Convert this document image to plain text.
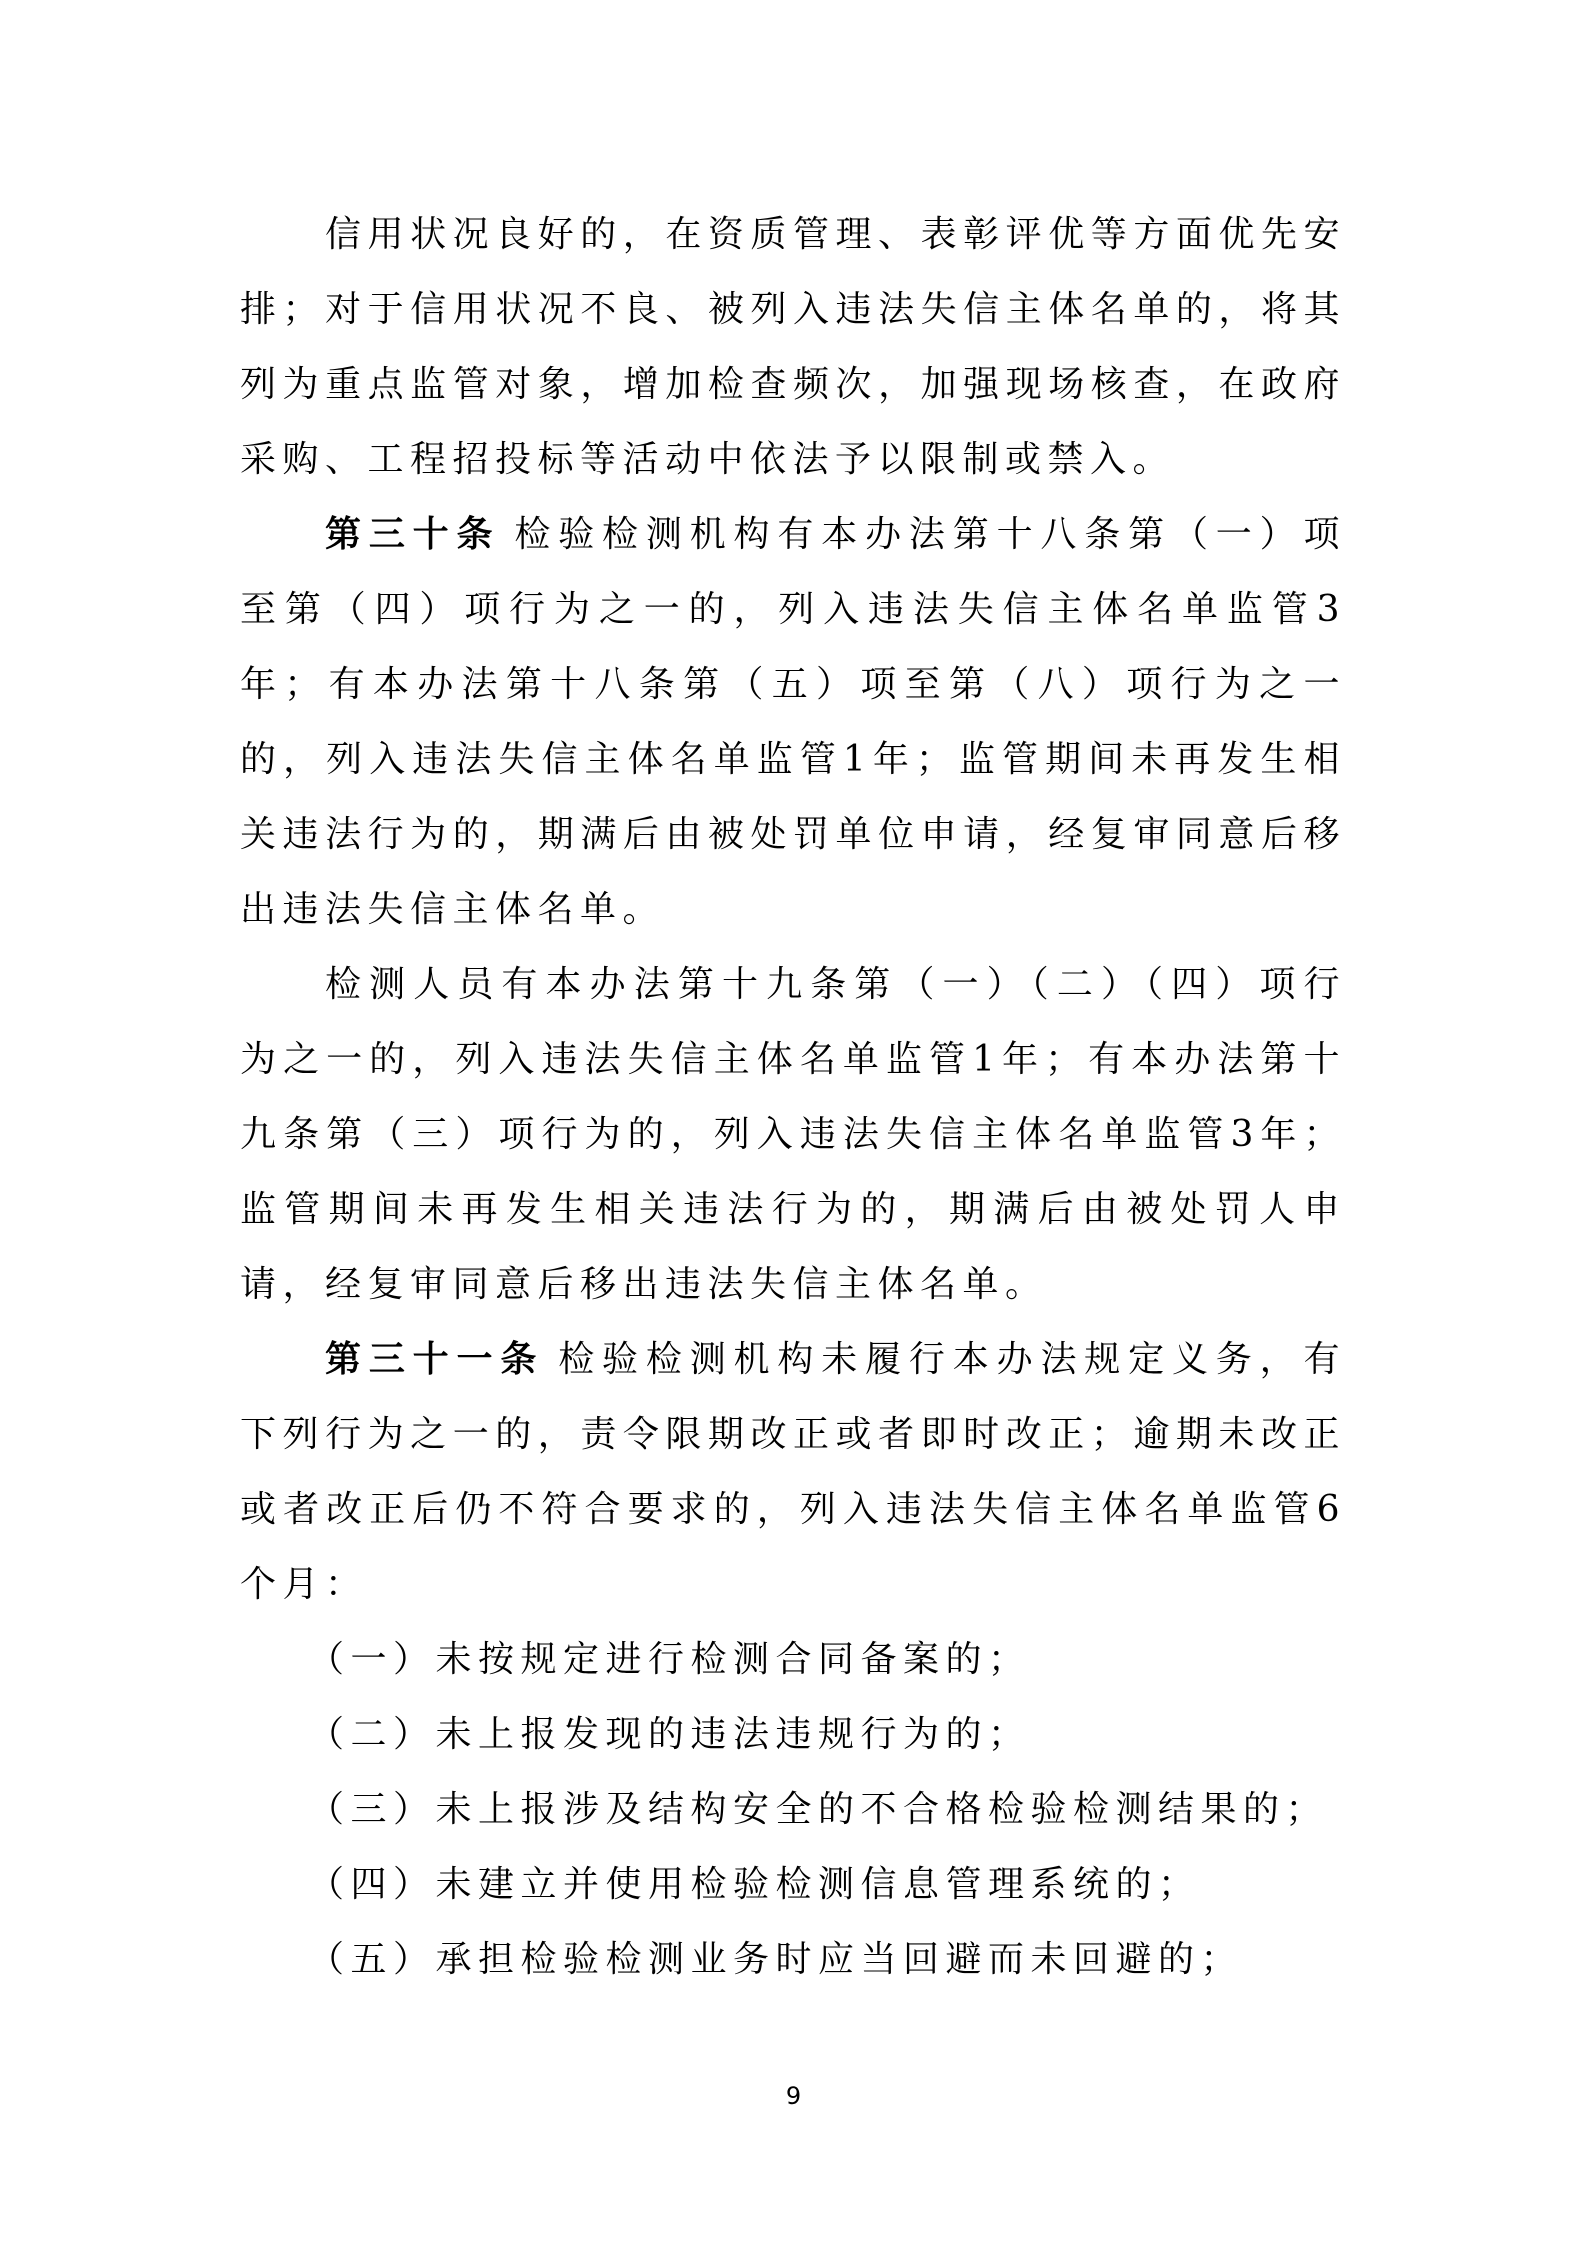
信用状况良好的，在资质管理、表彰评优等方面优先安排；对于信用状况不良、被列入违法失信主体名单的，将其列为重点监管对象，增加检查频次，加强现场核查，在政府采购、工程招投标等活动中依法予以限制或禁入。

第三十条 检验检测机构有本办法第十八条第（一）项至第（四）项行为之一的，列入违法失信主体名单监管3年；有本办法第十八条第（五）项至第（八）项行为之一的，列入违法失信主体名单监管1年；监管期间未再发生相关违法行为的，期满后由被处罚单位申请，经复审同意后移出违法失信主体名单。

检测人员有本办法第十九条第（一）（二）（四）项行为之一的，列入违法失信主体名单监管1年；有本办法第十九条第（三）项行为的，列入违法失信主体名单监管3年；监管期间未再发生相关违法行为的，期满后由被处罚人申请，经复审同意后移出违法失信主体名单。

第三十一条 检验检测机构未履行本办法规定义务，有下列行为之一的，责令限期改正或者即时改正；逾期未改正或者改正后仍不符合要求的，列入违法失信主体名单监管6个月：

（一）未按规定进行检测合同备案的；

（二）未上报发现的违法违规行为的；

（三）未上报涉及结构安全的不合格检验检测结果的；

（四）未建立并使用检验检测信息管理系统的；

（五）承担检验检测业务时应当回避而未回避的；

9
